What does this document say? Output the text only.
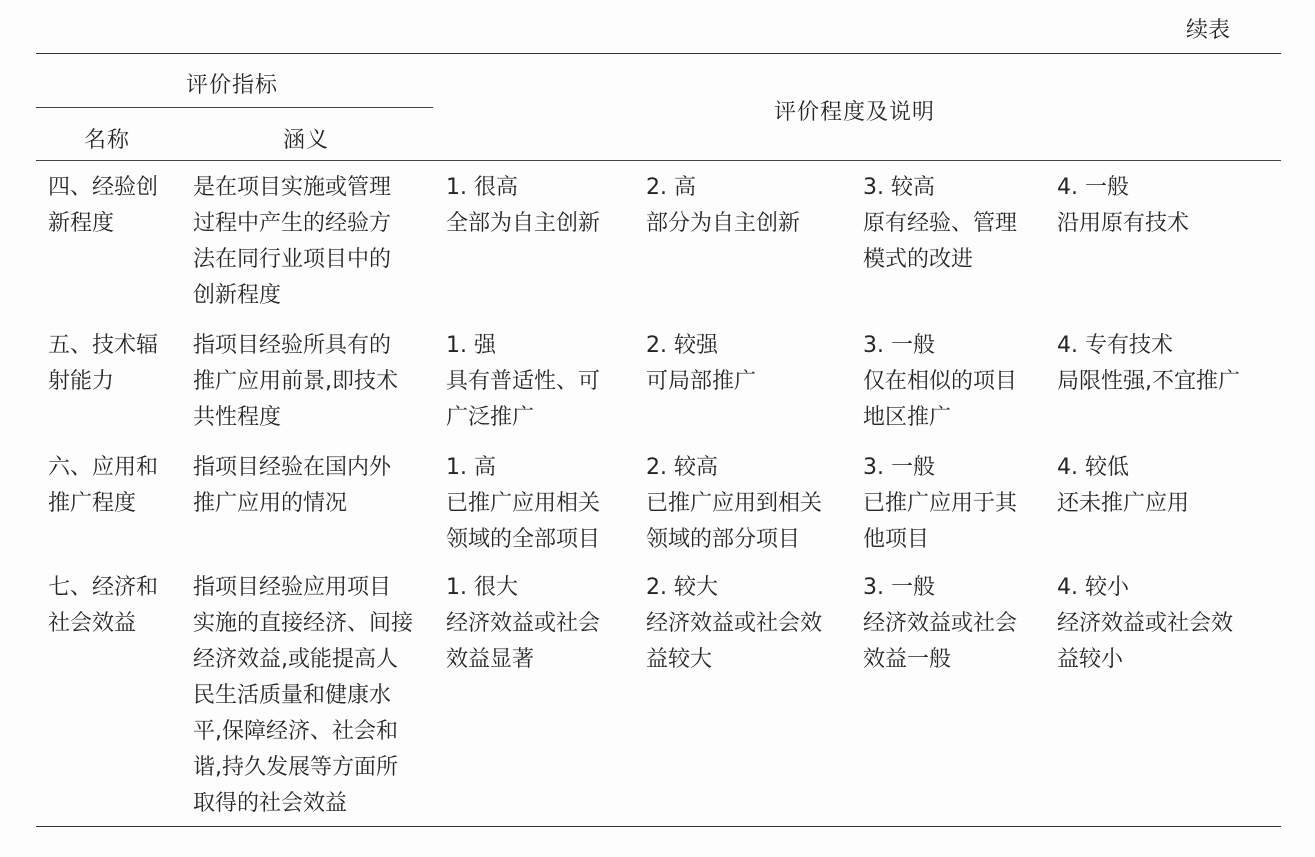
续表
评价指标
名称	涵义
评价程度及说明
四、经验创
新程度
是在项目实施或管理
过程中产生的经验方
法在同行业项目中的
创新程度
1. 很高
全部为自主创新
2. 高
部分为自主创新
3. 较高
原有经验、管理
模式的改进
4. 一般
沿用原有技术
五、技术辐
射能力
指项目经验所具有的
推广应用前景,即技术
共性程度
1. 强
具有普适性、可
广泛推广
2. 较强
可局部推广
3. 一般
仅在相似的项目
地区推广
4. 专有技术
局限性强,不宜推广
六、应用和
推广程度
指项目经验在国内外
推广应用的情况
1. 高
已推广应用相关
领域的全部项目
2. 较高
已推广应用到相关
领域的部分项目
3. 一般
已推广应用于其
他项目
4. 较低
还未推广应用
七、经济和
社会效益
指项目经验应用项目
实施的直接经济、间接
经济效益,或能提高人
民生活质量和健康水
平,保障经济、社会和
谐,持久发展等方面所
取得的社会效益
1. 很大
经济效益或社会
效益显著
2. 较大
经济效益或社会效
益较大
3. 一般
经济效益或社会
效益一般
4. 较小
经济效益或社会效
益较小
